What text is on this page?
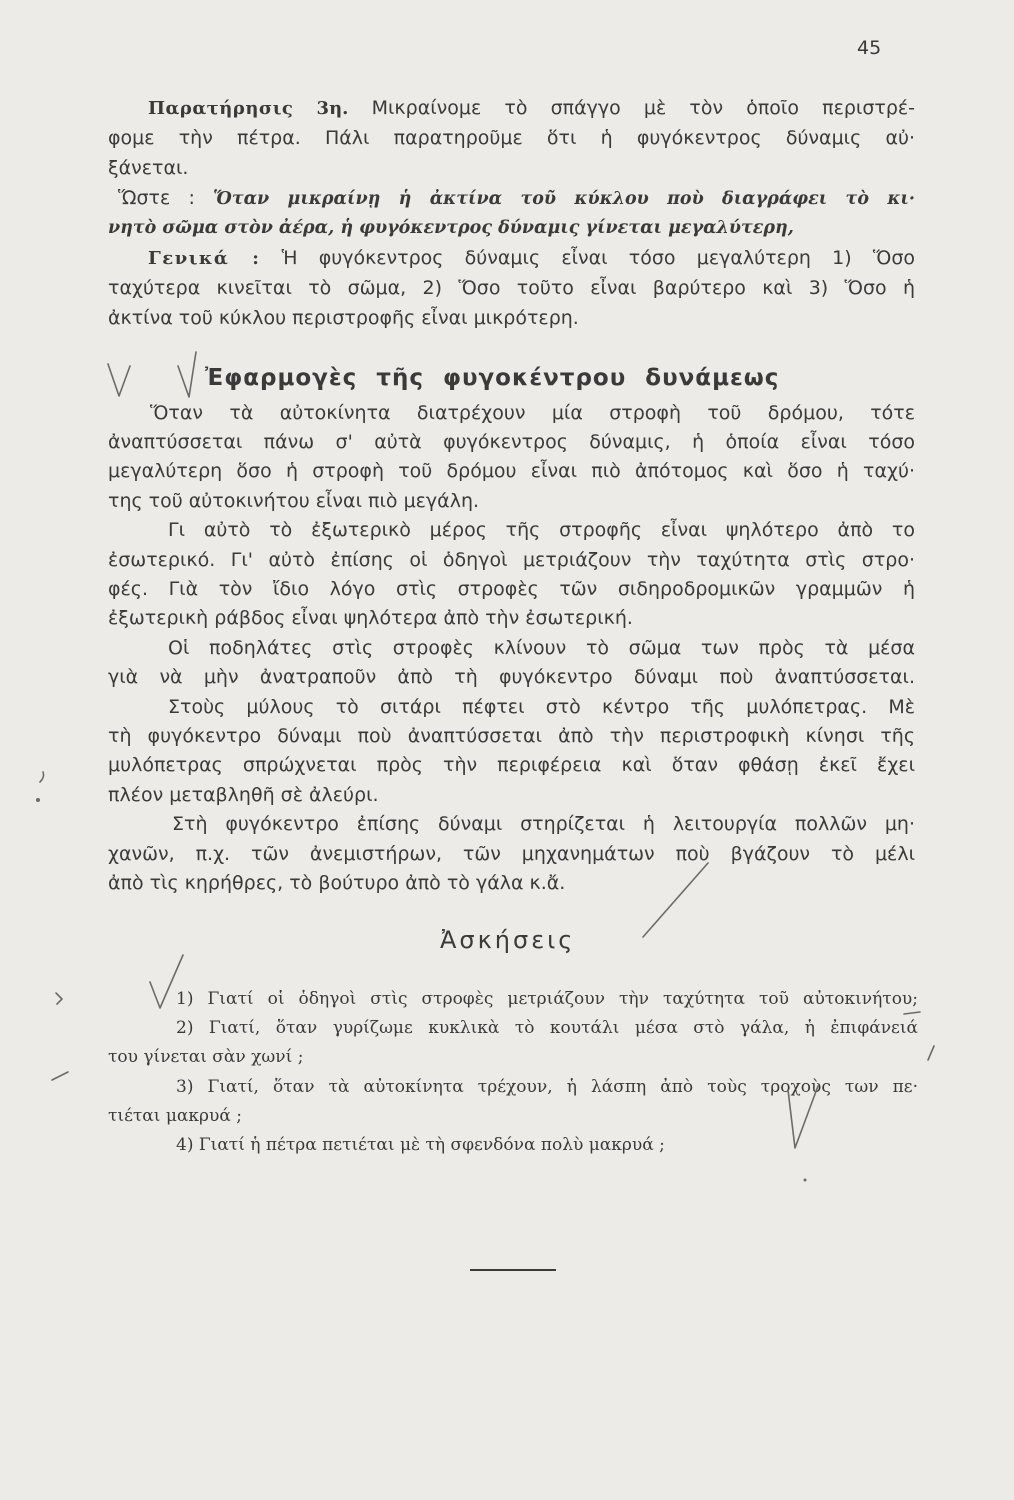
45
Παρατήρησις 3η. Μικραίνομε τὸ σπάγγο μὲ τὸν ὁποῖο περιστρέ-
φομε τὴν πέτρα. Πάλι παρατηροῦμε ὅτι ἡ φυγόκεντρος δύναμις αὐ·
ξάνεται.
Ὥστε : Ὅταν μικραίνῃ ἡ ἀκτίνα τοῦ κύκλου ποὺ διαγράφει τὸ κι·
νητὸ σῶμα στὸν ἀέρα, ἡ φυγόκεντρος δύναμις γίνεται μεγαλύτερη,
Γενικά : Ἡ φυγόκεντρος δύναμις εἶναι τόσο μεγαλύτερη 1) Ὅσο
ταχύτερα κινεῖται τὸ σῶμα, 2) Ὅσο τοῦτο εἶναι βαρύτερο καὶ 3) Ὅσο ἡ
ἀκτίνα τοῦ κύκλου περιστροφῆς εἶναι μικρότερη.
Ἐφαρμογὲς τῆς φυγοκέντρου δυνάμεως
Ὅταν τὰ αὐτοκίνητα διατρέχουν μία στροφὴ τοῦ δρόμου, τότε
ἀναπτύσσεται πάνω σ' αὐτὰ φυγόκεντρος δύναμις, ἡ ὁποία εἶναι τόσο
μεγαλύτερη ὅσο ἡ στροφὴ τοῦ δρόμου εἶναι πιὸ ἀπότομος καὶ ὅσο ἡ ταχύ·
της τοῦ αὐτοκινήτου εἶναι πιὸ μεγάλη.
Γι αὐτὸ τὸ ἐξωτερικὸ μέρος τῆς στροφῆς εἶναι ψηλότερο ἀπὸ το
ἐσωτερικό. Γι' αὐτὸ ἐπίσης οἱ ὁδηγοὶ μετριάζουν τὴν ταχύτητα στὶς στρο·
φές. Γιὰ τὸν ἴδιο λόγο στὶς στροφὲς τῶν σιδηροδρομικῶν γραμμῶν ἡ
ἐξωτερικὴ ράβδος εἶναι ψηλότερα ἀπὸ τὴν ἐσωτερική.
Οἱ ποδηλάτες στὶς στροφὲς κλίνουν τὸ σῶμα των πρὸς τὰ μέσα
γιὰ νὰ μὴν ἀνατραποῦν ἀπὸ τὴ φυγόκεντρο δύναμι ποὺ ἀναπτύσσεται.
Στοὺς μύλους τὸ σιτάρι πέφτει στὸ κέντρο τῆς μυλόπετρας. Μὲ
τὴ φυγόκεντρο δύναμι ποὺ ἀναπτύσσεται ἀπὸ τὴν περιστροφικὴ κίνησι τῆς
μυλόπετρας σπρώχνεται πρὸς τὴν περιφέρεια καὶ ὅταν φθάσῃ ἐκεῖ ἔχει
πλέον μεταβληθῆ σὲ ἀλεύρι.
Στὴ φυγόκεντρο ἐπίσης δύναμι στηρίζεται ἡ λειτουργία πολλῶν μη·
χανῶν, π.χ. τῶν ἀνεμιστήρων, τῶν μηχανημάτων ποὺ βγάζουν τὸ μέλι
ἀπὸ τὶς κηρήθρες, τὸ βούτυρο ἀπὸ τὸ γάλα κ.ἄ.
Ἀσκήσεις
1) Γιατί οἱ ὁδηγοὶ στὶς στροφὲς μετριάζουν τὴν ταχύτητα τοῦ αὐτοκινήτου;
2) Γιατί, ὅταν γυρίζωμε κυκλικὰ τὸ κουτάλι μέσα στὸ γάλα, ἡ ἐπιφάνειά
του γίνεται σὰν χωνί ;
3) Γιατί, ὅταν τὰ αὐτοκίνητα τρέχουν, ἡ λάσπη ἀπὸ τοὺς τροχοὺς των πε·
τιέται μακρυά ;
4) Γιατί ἡ πέτρα πετιέται μὲ τὴ σφενδόνα πολὺ μακρυά ;
